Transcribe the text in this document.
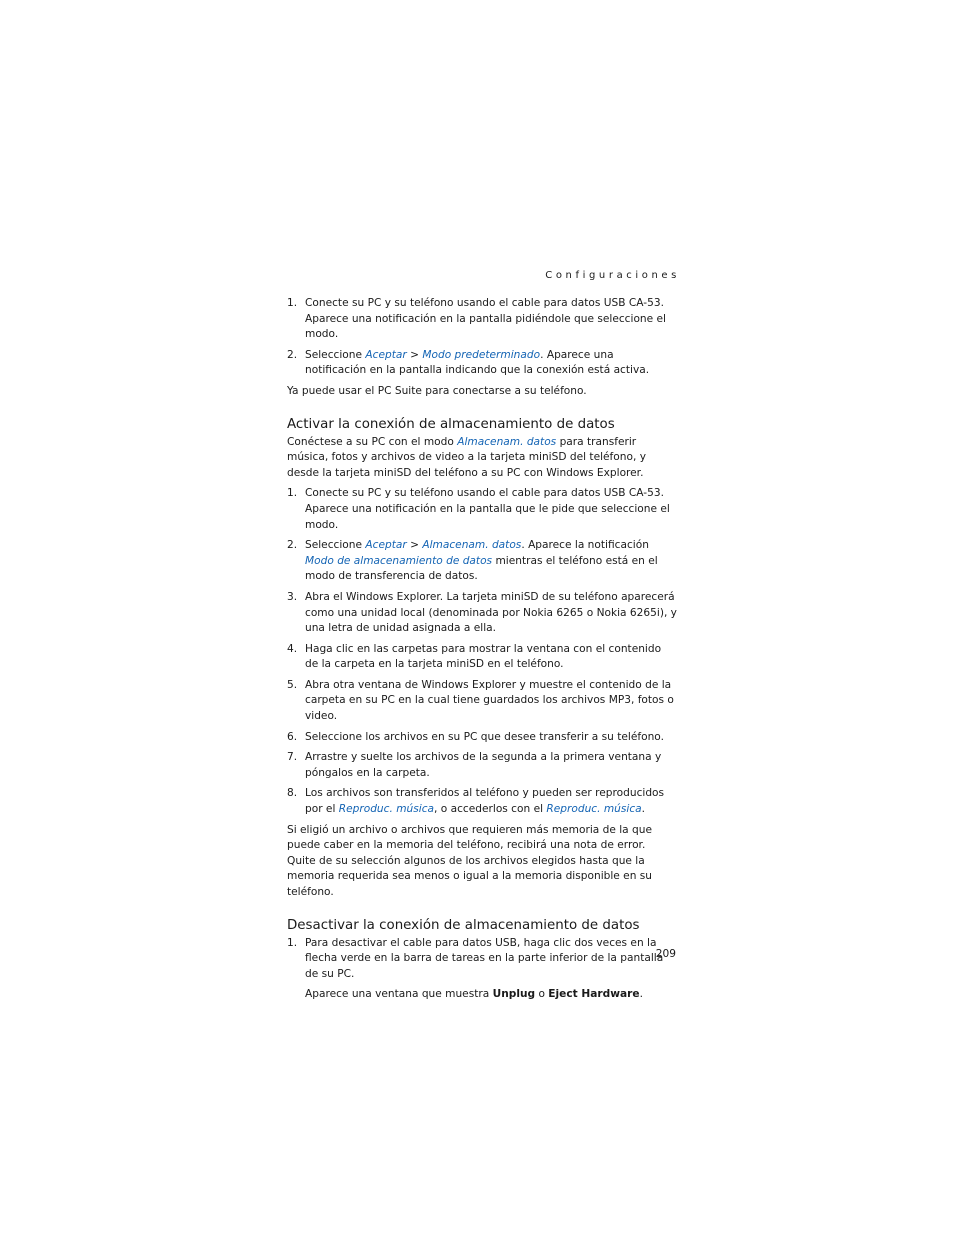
Configuraciones
1. Conecte su PC y su teléfono usando el cable para datos USB CA-53. Aparece una notificación en la pantalla pidiéndole que seleccione el modo.
2. Seleccione Aceptar > Modo predeterminado. Aparece una notificación en la pantalla indicando que la conexión está activa.

Ya puede usar el PC Suite para conectarse a su teléfono.

Activar la conexión de almacenamiento de datos

Conéctese a su PC con el modo Almacenam. datos para transferir música, fotos y archivos de video a la tarjeta miniSD del teléfono, y desde la tarjeta miniSD del teléfono a su PC con Windows Explorer.

1. Conecte su PC y su teléfono usando el cable para datos USB CA-53. Aparece una notificación en la pantalla que le pide que seleccione el modo.
2. Seleccione Aceptar > Almacenam. datos. Aparece la notificación Modo de almacenamiento de datos mientras el teléfono está en el modo de transferencia de datos.
3. Abra el Windows Explorer. La tarjeta miniSD de su teléfono aparecerá como una unidad local (denominada por Nokia 6265 o Nokia 6265i), y una letra de unidad asignada a ella.
4. Haga clic en las carpetas para mostrar la ventana con el contenido de la carpeta en la tarjeta miniSD en el teléfono.
5. Abra otra ventana de Windows Explorer y muestre el contenido de la carpeta en su PC en la cual tiene guardados los archivos MP3, fotos o video.
6. Seleccione los archivos en su PC que desee transferir a su teléfono.
7. Arrastre y suelte los archivos de la segunda a la primera ventana y póngalos en la carpeta.
8. Los archivos son transferidos al teléfono y pueden ser reproducidos por el Reproduc. música, o accederlos con el Reproduc. música.

Si eligió un archivo o archivos que requieren más memoria de la que puede caber en la memoria del teléfono, recibirá una nota de error. Quite de su selección algunos de los archivos elegidos hasta que la memoria requerida sea menos o igual a la memoria disponible en su teléfono.

Desactivar la conexión de almacenamiento de datos
1. Para desactivar el cable para datos USB, haga clic dos veces en la flecha verde en la barra de tareas en la parte inferior de la pantalla de su PC.

Aparece una ventana que muestra Unplug o Eject Hardware.

209
